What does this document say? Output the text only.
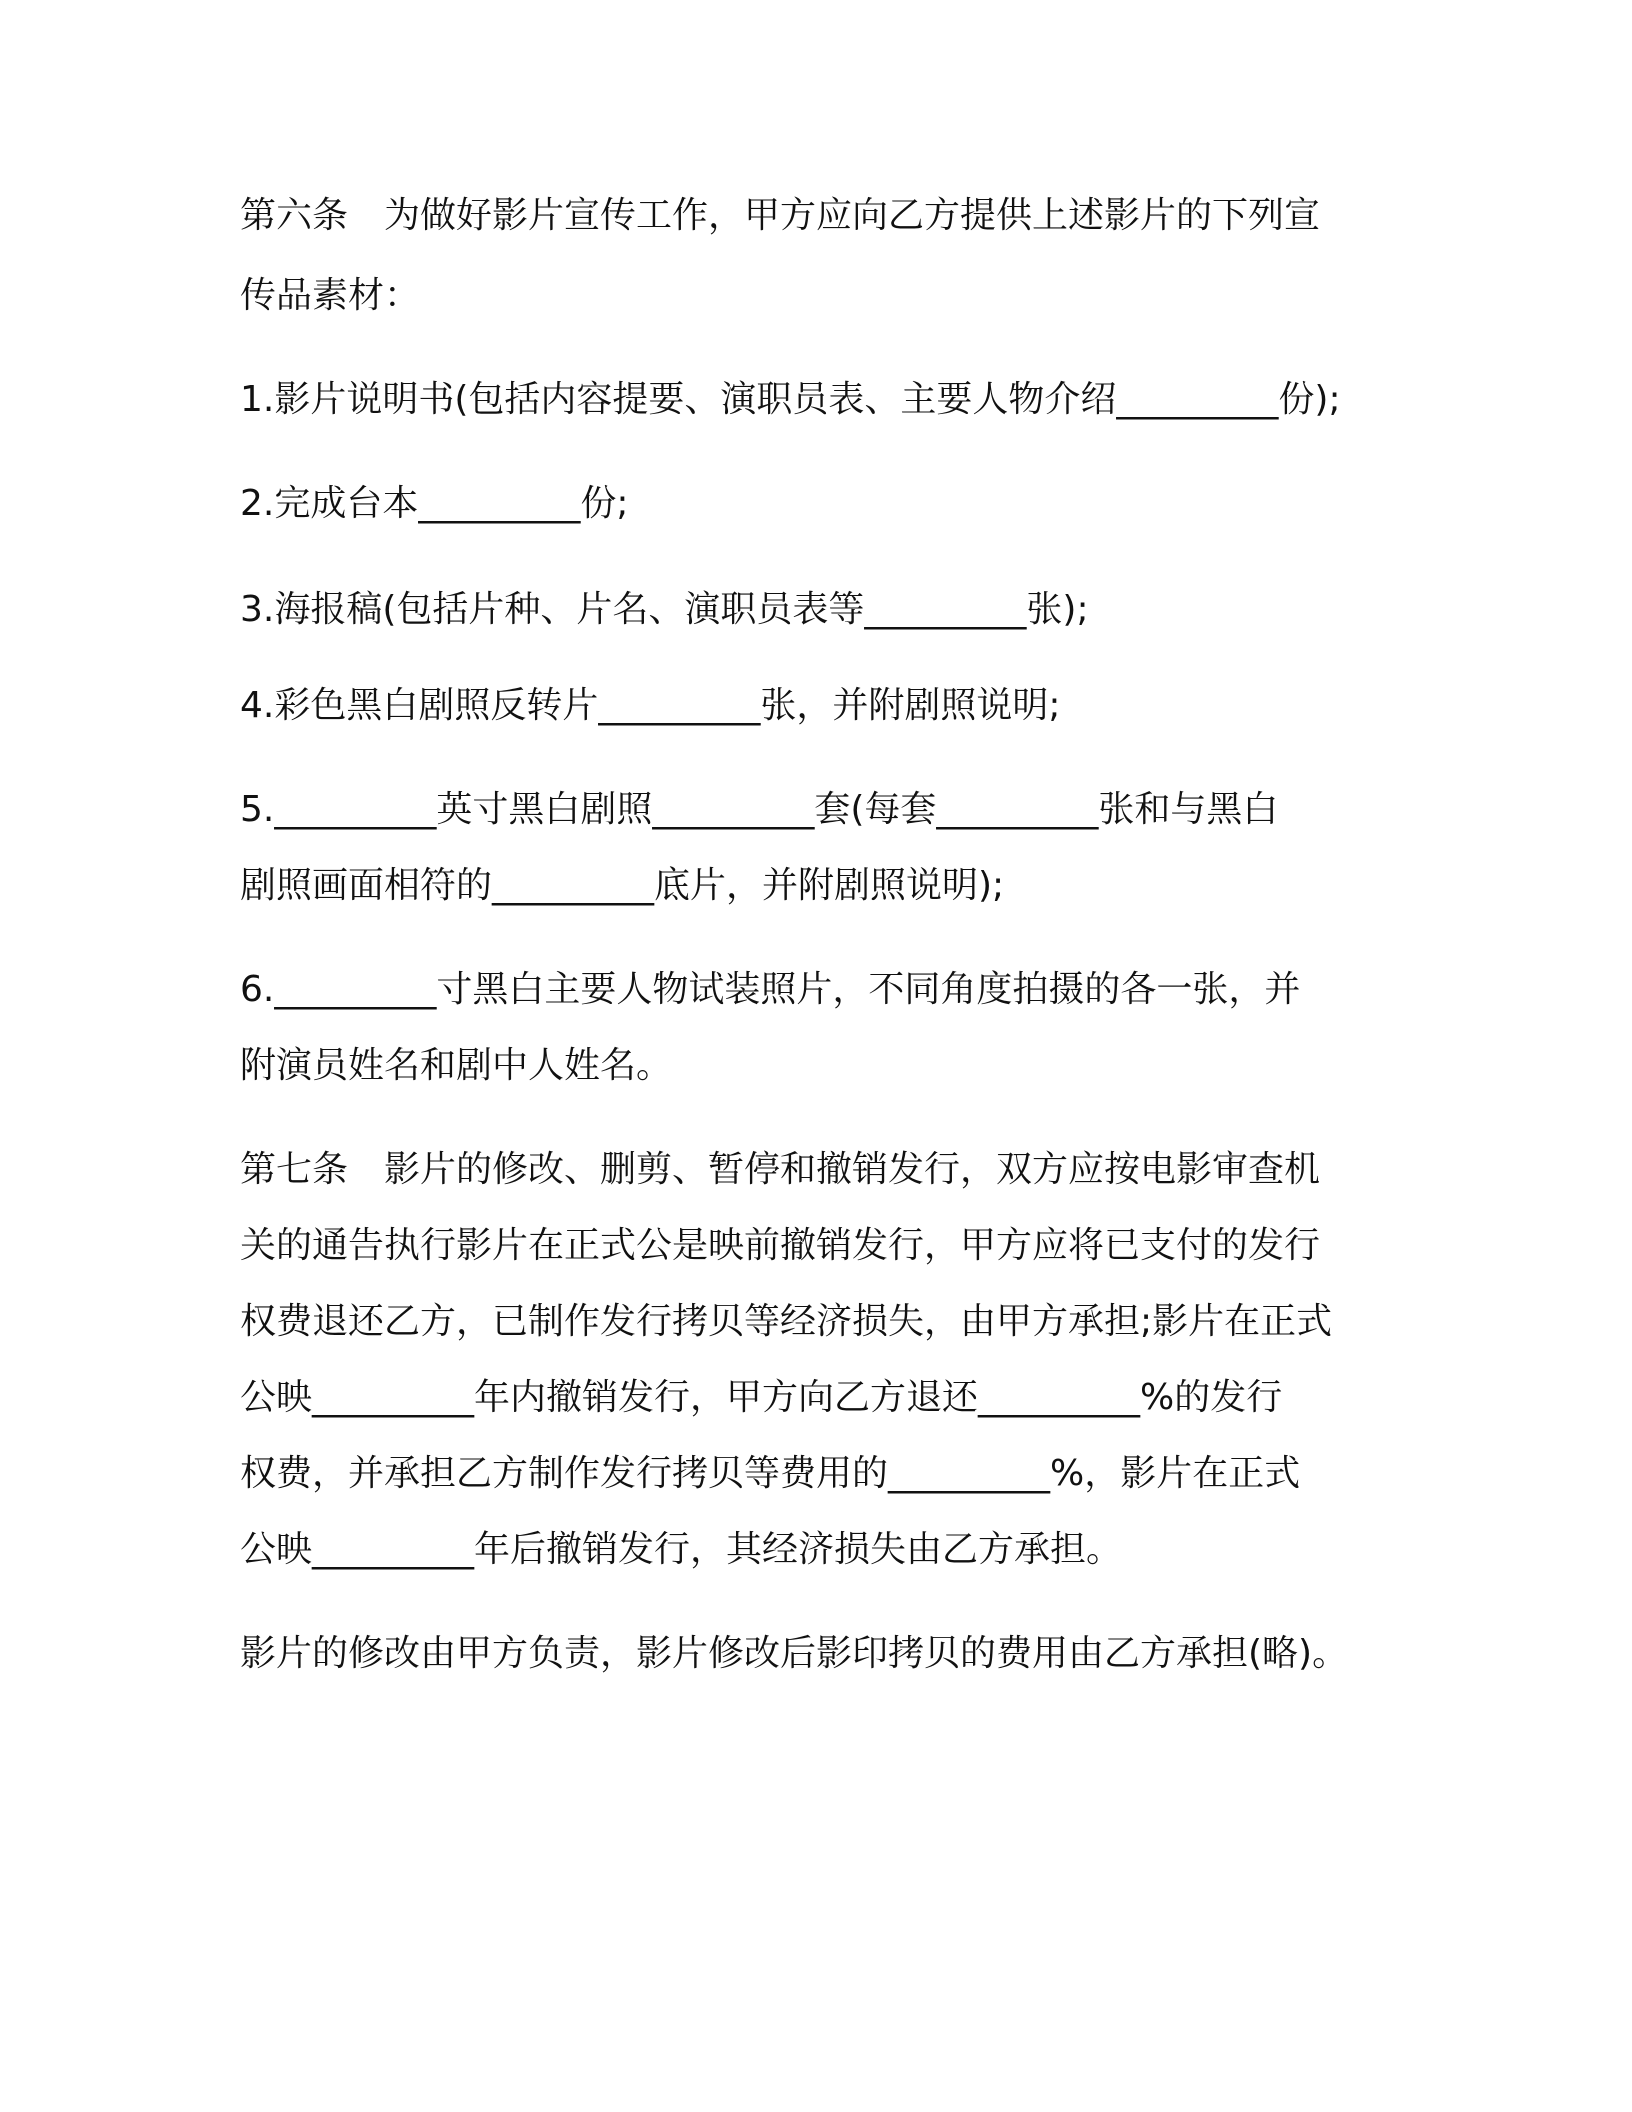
第六条　为做好影片宣传工作，甲方应向乙方提供上述影片的下列宣
传品素材：
1.影片说明书(包括内容提要、演职员表、主要人物介绍_________份);
2.完成台本_________份;
3.海报稿(包括片种、片名、演职员表等_________张);
4.彩色黑白剧照反转片_________张，并附剧照说明;
5._________英寸黑白剧照_________套(每套_________张和与黑白
剧照画面相符的_________底片，并附剧照说明);
6._________寸黑白主要人物试装照片，不同角度拍摄的各一张，并
附演员姓名和剧中人姓名。
第七条　影片的修改、删剪、暂停和撤销发行，双方应按电影审查机
关的通告执行影片在正式公是映前撤销发行，甲方应将已支付的发行
权费退还乙方，已制作发行拷贝等经济损失，由甲方承担;影片在正式
公映_________年内撤销发行，甲方向乙方退还_________%的发行
权费，并承担乙方制作发行拷贝等费用的_________%，影片在正式
公映_________年后撤销发行，其经济损失由乙方承担。
影片的修改由甲方负责，影片修改后影印拷贝的费用由乙方承担(略)。
